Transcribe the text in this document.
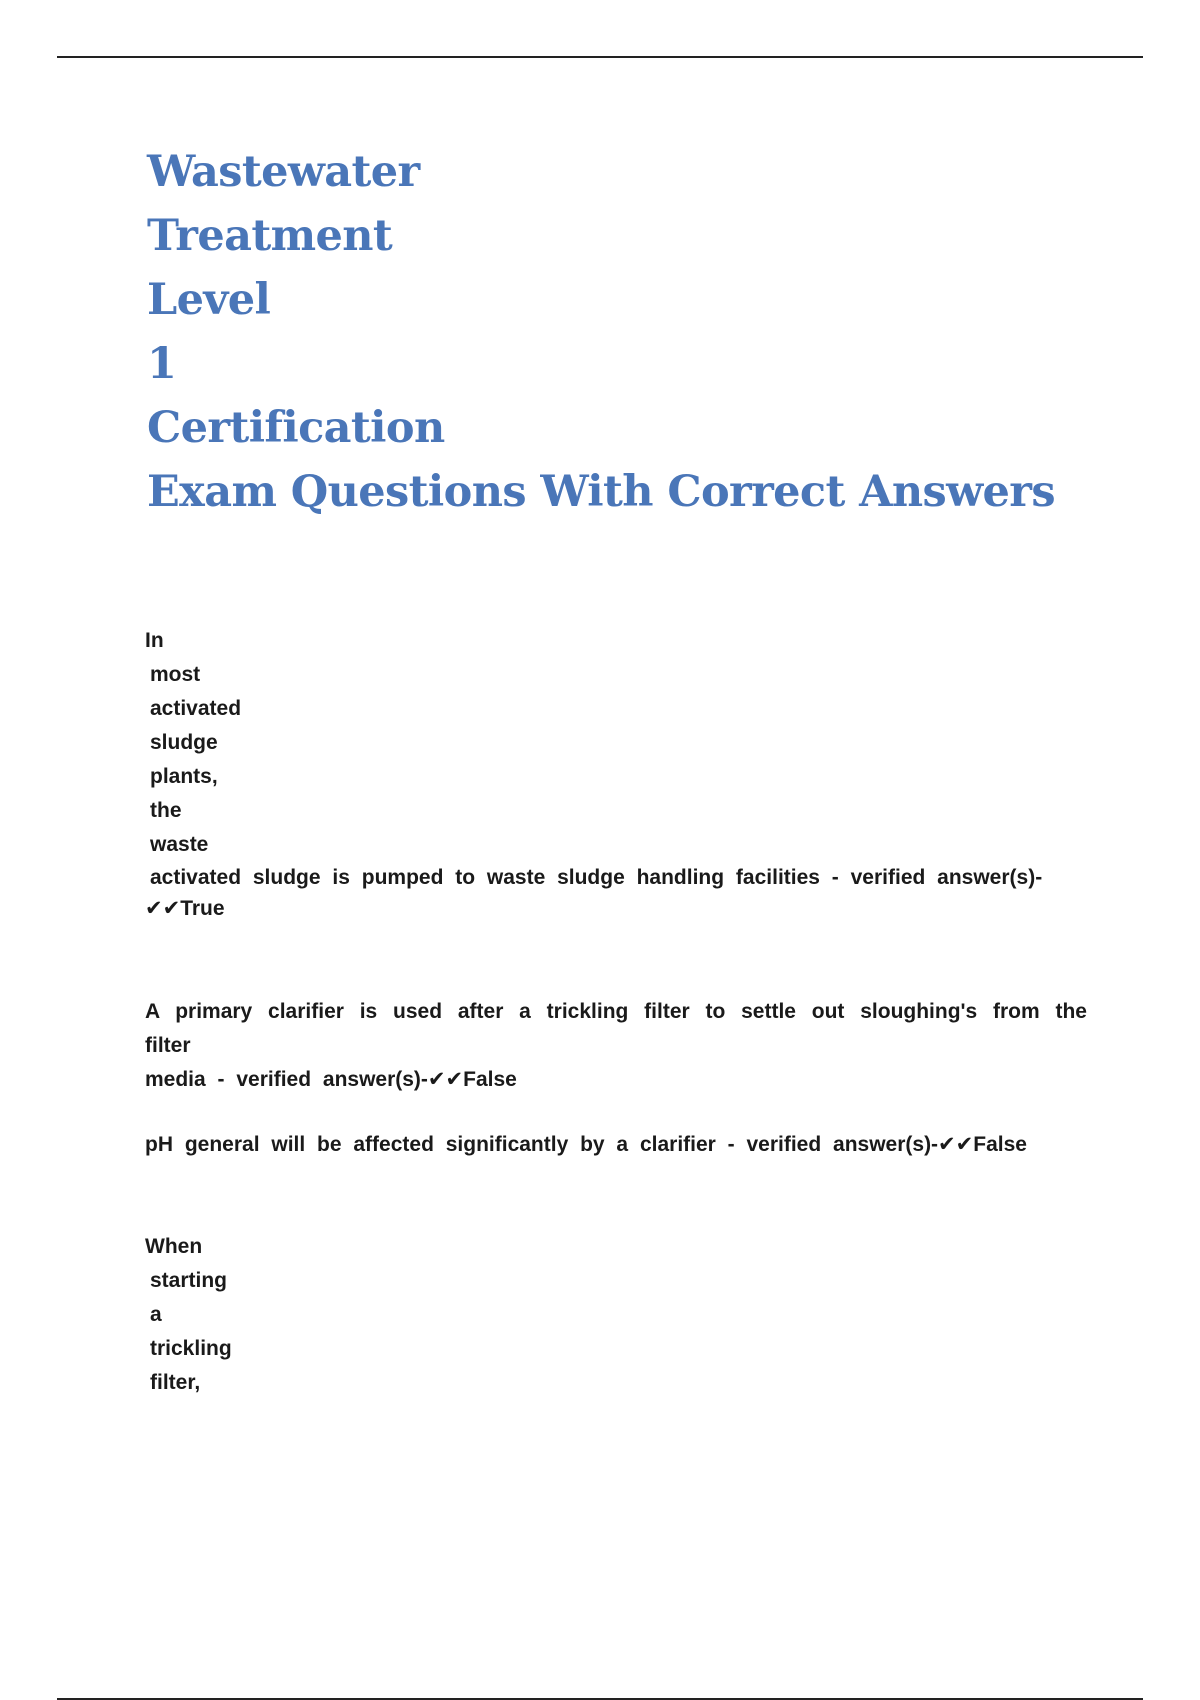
Wastewater
Treatment
Level
1
Certification
Exam Questions With Correct Answers
In
most
activated
sludge
plants,
the
waste
activated sludge is pumped to waste sludge handling facilities - verified answer(s)-
✔✔True
A primary clarifier is used after a trickling filter to settle out sloughing's from the filter
media - verified answer(s)-✔✔False
pH general will be affected significantly by a clarifier - verified answer(s)-✔✔False
When
starting
a
trickling
filter,
